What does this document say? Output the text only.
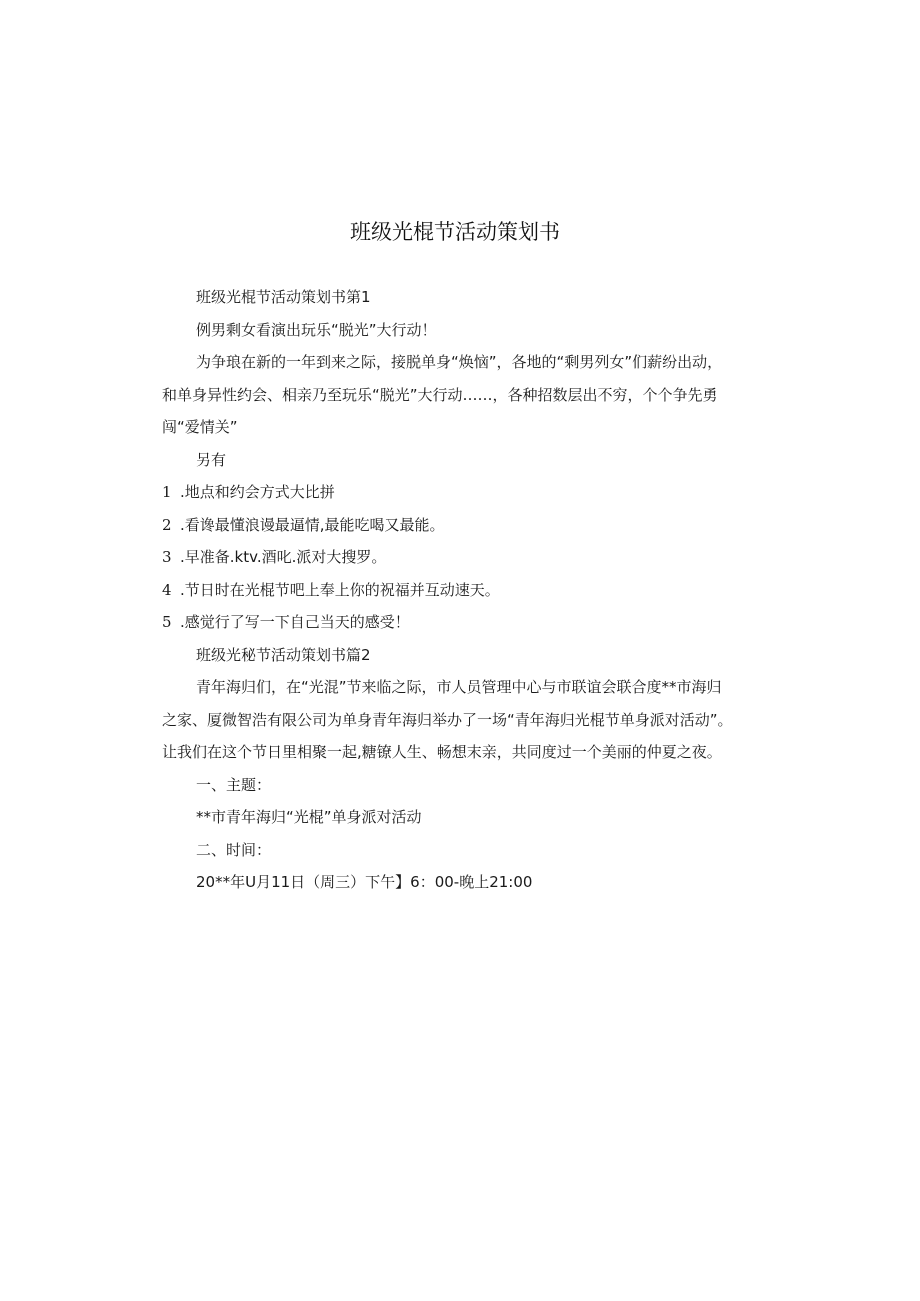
班级光棍节活动策划书

班级光棍节活动策划书第1

例男剩女看演出玩乐“脱光”大行动！

为争琅在新的一年到来之际，接脱单身“焕恼”，各地的“剩男列女”们薪纷出动，

和单身异性约会、相亲乃至玩乐“脱光”大行动……，各种招数层出不穷，个个争先勇

闯“爱情关”

另有

1 .地点和约会方式大比拼

2 .看谗最懂浪谩最逼情,最能吃喝又最能。

3 .早准备.ktv.酒叱.派对大搜罗。

4 .节日时在光棍节吧上奉上你的祝福并互动速天。

5 .感觉行了写一下自己当天的感受！

班级光秘节活动策划书篇2

青年海归们，在“光混”节来临之际，市人员管理中心与市联谊会联合度**市海归

之家、厦微智浩有限公司为单身青年海归举办了一场“青年海归光棍节单身派对活动”。

让我们在这个节日里相聚一起,糖镣人生、畅想末亲，共同度过一个美丽的仲夏之夜。

一、主题：

**市青年海归“光棍”单身派对活动

二、时间：

20**年U月11日（周三）下午】6：00-晚上21:00
